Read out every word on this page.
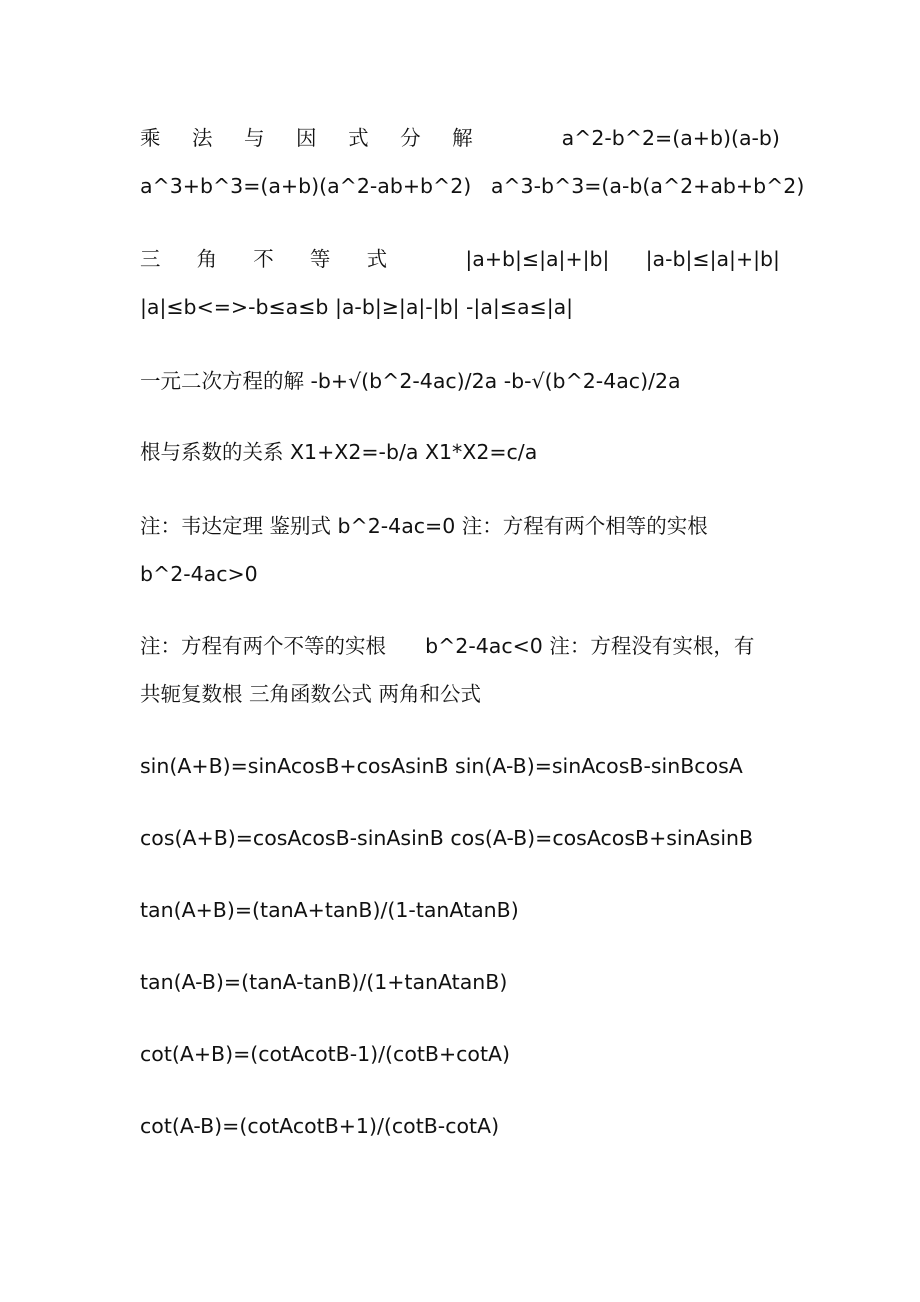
乘 法 与 因 式 分 解	a^2-b^2=(a+b)(a-b)
a^3+b^3=(a+b)(a^2-ab+b^2)   a^3-b^3=(a-b(a^2+ab+b^2)
三 角 不 等 式	|a+b|≤|a|+|b| |a-b|≤|a|+|b|
|a|≤b<=>-b≤a≤b |a-b|≥|a|-|b| -|a|≤a≤|a|
一元二次方程的解 -b+√(b^2-4ac)/2a -b-√(b^2-4ac)/2a
根与系数的关系 X1+X2=-b/a X1*X2=c/a
注：韦达定理 鉴别式 b^2-4ac=0 注：方程有两个相等的实根
b^2-4ac>0
注：方程有两个不等的实根      b^2-4ac<0 注：方程没有实根，有
共轭复数根 三角函数公式 两角和公式
sin(A+B)=sinAcosB+cosAsinB sin(A-B)=sinAcosB-sinBcosA
cos(A+B)=cosAcosB-sinAsinB cos(A-B)=cosAcosB+sinAsinB
tan(A+B)=(tanA+tanB)/(1-tanAtanB)
tan(A-B)=(tanA-tanB)/(1+tanAtanB)
cot(A+B)=(cotAcotB-1)/(cotB+cotA)
cot(A-B)=(cotAcotB+1)/(cotB-cotA)
